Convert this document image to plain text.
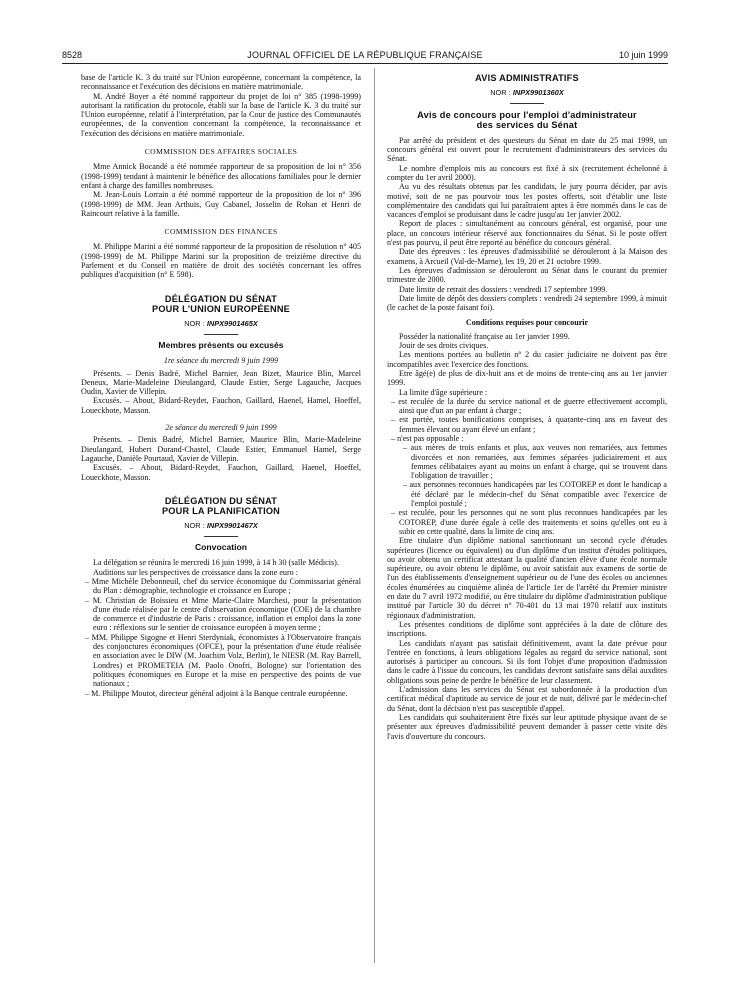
8528	JOURNAL OFFICIEL DE LA RÉPUBLIQUE FRANÇAISE	10 juin 1999

base de l'article K. 3 du traité sur l'Union européenne, concernant la compétence, la reconnaissance et l'exécution des décisions en matière matrimoniale.

M. André Boyer a été nommé rapporteur du projet de loi n° 385 (1998-1999) autorisant la ratification du protocole, établi sur la base de l'article K. 3 du traité sur l'Union européenne, relatif à l'interprétation, par la Cour de justice des Communautés européennes, de la convention concernant la compétence, la reconnaissance et l'exécution des décisions en matière matrimoniale.

COMMISSION DES AFFAIRES SOCIALES

Mme Annick Bocandé a été nommée rapporteur de sa proposition de loi n° 356 (1998-1999) tendant à maintenir le bénéfice des allocations familiales pour le dernier enfant à charge des familles nombreuses.

M. Jean-Louis Lorrain a été nommé rapporteur de la proposition de loi n° 396 (1998-1999) de MM. Jean Arthuis, Guy Cabanel, Josselin de Rohan et Henri de Raincourt relative à la famille.

COMMISSION DES FINANCES

M. Philippe Marini a été nommé rapporteur de la proposition de résolution n° 405 (1998-1999) de M. Philippe Marini sur la proposition de treizième directive du Parlement et du Conseil en matière de droit des sociétés concernant les offres publiques d'acquisition (n° E 598).

DÉLÉGATION DU SÉNAT
POUR L'UNION EUROPÉENNE
NOR : INPX9901465X
Membres présents ou excusés
1re séance du mercredi 9 juin 1999

Présents. – Denis Badré, Michel Barnier, Jean Bizet, Maurice Blin, Marcel Deneux, Marie-Madeleine Dieulangard, Claude Estier, Serge Lagauche, Jacques Oudin, Xavier de Villepin.

Excusés. – About, Bidard-Reydet, Fauchon, Gaillard, Haenel, Hamel, Hoeffel, Loueckhote, Masson.

2e séance du mercredi 9 juin 1999

Présents. – Denis Badré, Michel Barnier, Maurice Blin, Marie-Madeleine Dieulangard, Hubert Durand-Chastel, Claude Estier, Emmanuel Hamel, Serge Lagauche, Danièle Pourtaud, Xavier de Villepin.

Excusés. – About, Bidard-Reydet, Fauchon, Gaillard, Haenel, Hoeffel, Loueckhote, Masson.

DÉLÉGATION DU SÉNAT
POUR LA PLANIFICATION
NOR : INPX9901467X
Convocation

La délégation se réunira le mercredi 16 juin 1999, à 14 h 30 (salle Médicis).

Auditions sur les perspectives de croissance dans la zone euro :

– Mme Michèle Debonneuil, chef du service économique du Commissariat général du Plan : démographie, technologie et croissance en Europe ;
– M. Christian de Boissieu et Mme Marie-Claire Marchesi, pour la présentation d'une étude réalisée par le centre d'observation économique (COE) de la chambre de commerce et d'industrie de Paris : croissance, inflation et emploi dans la zone euro : réflexions sur le sentier de croissance européen à moyen terme ;
– MM. Philippe Sigogne et Henri Sterdyniak, économistes à l'Observatoire français des conjonctures économiques (OFCE), pour la présentation d'une étude réalisée en association avec le DIW (M. Joachim Volz, Berlin), le NIESR (M. Ray Barrell, Londres) et PROMETEIA (M. Paolo Onofri, Bologne) sur l'orientation des politiques économiques en Europe et la mise en perspective des points de vue nationaux ;
– M. Philippe Moutot, directeur général adjoint à la Banque centrale européenne.
AVIS ADMINISTRATIFS
NOR : INPX9901360X
Avis de concours pour l'emploi d'administrateur
des services du Sénat

Par arrêté du président et des questeurs du Sénat en date du 25 mai 1999, un concours général est ouvert pour le recrutement d'administrateurs des services du Sénat.

Le nombre d'emplois mis au concours est fixé à six (recrutement échelonné à compter du 1er avril 2000).

Au vu des résultats obtenus par les candidats, le jury pourra décider, par avis motivé, soit de ne pas pourvoir tous les postes offerts, soit d'établir une liste complémentaire des candidats qui lui paraîtraient aptes à être nommés dans le cas de vacances d'emploi se produisant dans le cadre jusqu'au 1er janvier 2002.

Report de places : simultanément au concours général, est organisé, pour une place, un concours intérieur réservé aux fonctionnaires du Sénat. Si le poste offert n'est pas pourvu, il peut être reporté au bénéfice du concours général.

Date des épreuves : les épreuves d'admissibilité se dérouleront à la Maison des examens, à Arcueil (Val-de-Marne), les 19, 20 et 21 octobre 1999.

Les épreuves d'admission se dérouleront au Sénat dans le courant du premier trimestre de 2000.

Date limite de retrait des dossiers : vendredi 17 septembre 1999.

Date limite de dépôt des dossiers complets : vendredi 24 septembre 1999, à minuit (le cachet de la poste faisant foi).

Conditions requises pour concourir

Posséder la nationalité française au 1er janvier 1999.

Jouir de ses droits civiques.

Les mentions portées au bulletin n° 2 du casier judiciaire ne doivent pas être incompatibles avec l'exercice des fonctions.

Etre âgé(e) de plus de dix-huit ans et de moins de trente-cinq ans au 1er janvier 1999.

La limite d'âge supérieure :

– est reculée de la durée du service national et de guerre effectivement accompli, ainsi que d'un an par enfant à charge ;
– est portée, toutes bonifications comprises, à quarante-cinq ans en faveur des femmes élevant ou ayant élevé un enfant ;
– n'est pas opposable :
– aux mères de trois enfants et plus, aux veuves non remariées, aux femmes divorcées et non remariées, aux femmes séparées judiciairement et aux femmes célibataires ayant au moins un enfant à charge, qui se trouvent dans l'obligation de travailler ;
– aux personnes reconnues handicapées par les COTOREP et dont le handicap a été déclaré par le médecin-chef du Sénat compatible avec l'exercice de l'emploi postulé ;
– est reculée, pour les personnes qui ne sont plus reconnues handicapées par les COTOREP, d'une durée égale à celle des traitements et soins qu'elles ont eu à subir en cette qualité, dans la limite de cinq ans.

Etre titulaire d'un diplôme national sanctionnant un second cycle d'études supérieures (licence ou équivalent) ou d'un diplôme d'un institut d'études politiques, ou avoir obtenu un certificat attestant la qualité d'ancien élève d'une école normale supérieure, ou avoir obtenu le diplôme, ou avoir satisfait aux examens de sortie de l'un des établissements d'enseignement supérieur ou de l'une des écoles ou anciennes écoles énumérées au cinquième alinéa de l'article 1er de l'arrêté du Premier ministre en date du 7 avril 1972 modifié, ou être titulaire du diplôme d'administration publique institué par l'article 30 du décret n° 70-401 du 13 mai 1970 relatif aux instituts régionaux d'administration.

Les présentes conditions de diplôme sont appréciées à la date de clôture des inscriptions.

Les candidats n'ayant pas satisfait définitivement, avant la date prévue pour l'entrée en fonctions, à leurs obligations légales au regard du service national, sont autorisés à participer au concours. Si ils font l'objet d'une proposition d'admission dans le cadre à l'issue du concours, les candidats devront satisfaire sans délai auxdites obligations sous peine de perdre le bénéfice de leur classement.

L'admission dans les services du Sénat est subordonnée à la production d'un certificat médical d'aptitude au service de jour et de nuit, délivré par le médecin-chef du Sénat, dont la décision n'est pas susceptible d'appel.

Les candidats qui souhaiteraient être fixés sur leur aptitude physique avant de se présenter aux épreuves d'admissibilité peuvent demander à passer cette visite dès l'avis d'ouverture du concours.
